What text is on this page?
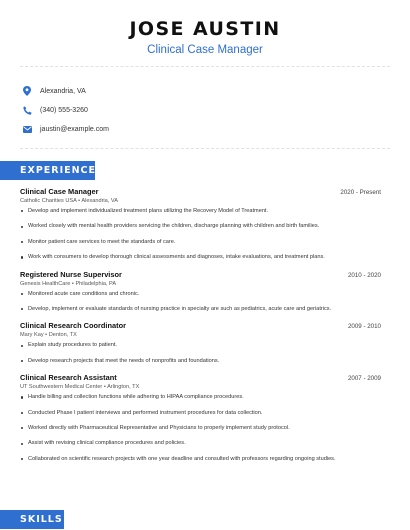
JOSE AUSTIN
Clinical Case Manager
Alexandria, VA
(340) 555-3260
jaustin@example.com
EXPERIENCE
Clinical Case Manager	2020 - Present
Catholic Charities USA • Alexandria, VA
Develop and implement individualized treatment plans utilizing the Recovery Model of Treatment.
Worked closely with mental health providers servicing the children, discharge planning with children and birth families.
Monitor patient care services to meet the standards of care.
Work with consumers to develop thorough clinical assessments and diagnoses, intake evaluations, and treatment plans.
Registered Nurse Supervisor	2010 - 2020
Genesis HealthCare • Philadelphia, PA
Monitored acute care conditions and chronic.
Develop, implement or evaluate standards of nursing practice in specialty are such as pediatrics, acute care and geriatrics.
Clinical Research Coordinator	2009 - 2010
Mary Kay • Denton, TX
Explain study procedures to patient.
Develop research projects that meet the needs of nonprofits and foundations.
Clinical Research Assistant	2007 - 2009
UT Southwestern Medical Center • Arlington, TX
Handle billing and collection functions while adhering to HIPAA compliance procedures.
Conducted Phase I patient interviews and performed instrument procedures for data collection.
Worked directly with Pharmaceutical Representative and Physicians to properly implement study protocol.
Assist with revising clinical compliance procedures and policies.
Collaborated on scientific research projects with one year deadline and consulted with professors regarding ongoing studies.
SKILLS
